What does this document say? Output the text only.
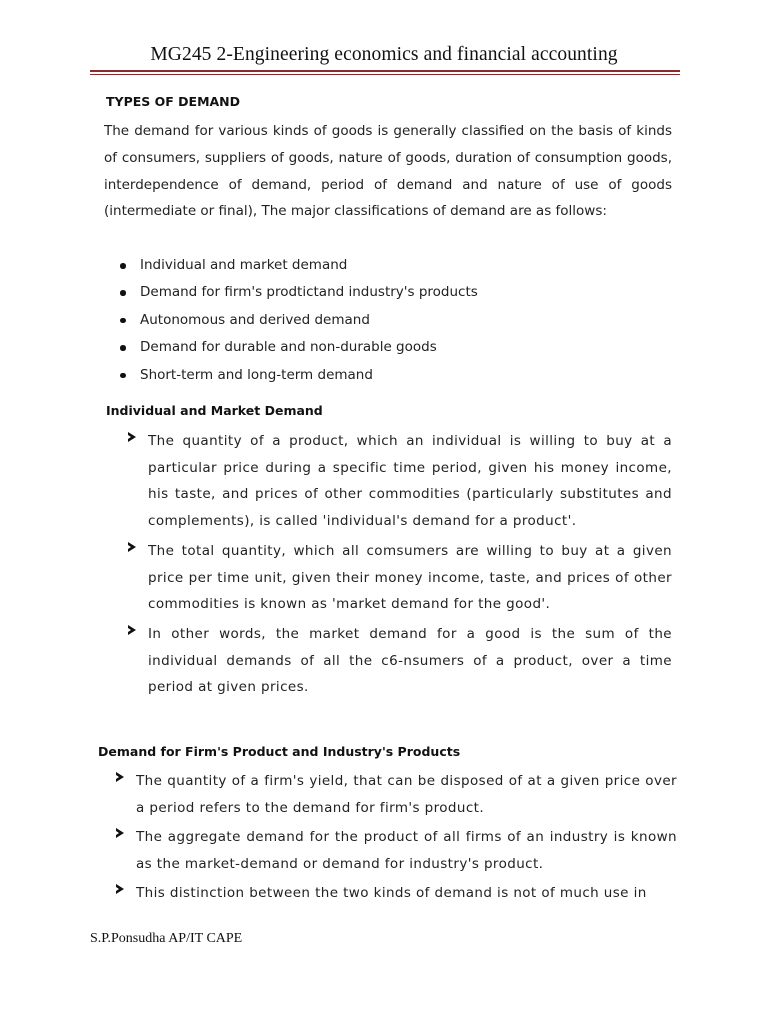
MG245 2-Engineering economics and financial accounting
TYPES OF DEMAND

The demand for various kinds of goods is generally classified on the basis of kinds of consumers, suppliers of goods, nature of goods, duration of consumption goods, interdependence of demand, period of demand and nature of use of goods (intermediate or final), The major classifications of demand are as follows:

Individual and market demand
Demand for firm's prodtictand industry's products
Autonomous and derived demand
Demand for durable and non-durable goods
Short-term and long-term demand
Individual and Market Demand

The quantity of a product, which an individual is willing to buy at a particular price during a specific time period, given his money income, his taste, and prices of other commodities (particularly substitutes and complements), is called 'individual's demand for a product'.

The total quantity, which all comsumers are willing to buy at a given price per time unit, given their money income, taste, and prices of other commodities is known as 'market demand for the good'.

In other words, the market demand for a good is the sum of the individual demands of all the c6-nsumers of a product, over a time period at given prices.

Demand for Firm's Product and Industry's Products

The quantity of a firm's yield, that can be disposed of at a given price over a period refers to the demand for firm's product.

The aggregate demand for the product of all firms of an industry is known as the market-demand or demand for industry's product.

This distinction between the two kinds of demand is not of much use in

S.P.Ponsudha AP/IT CAPE
